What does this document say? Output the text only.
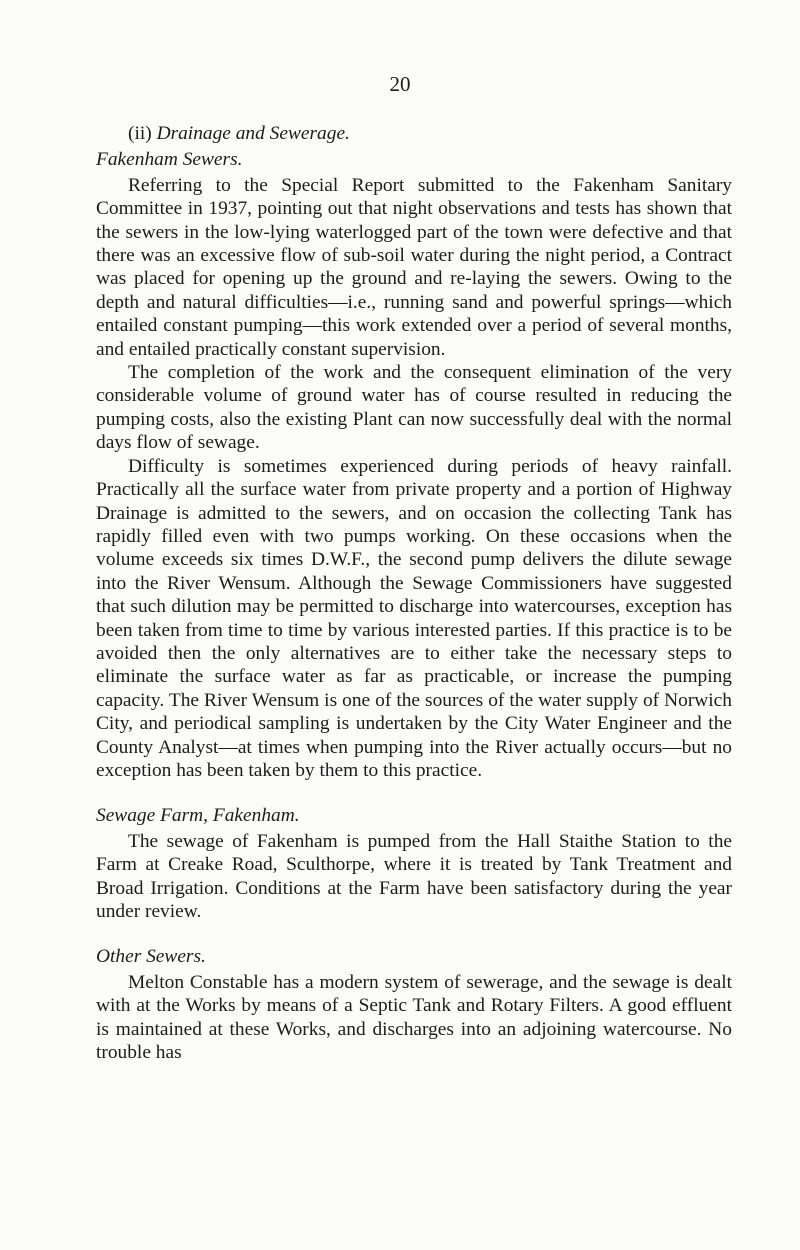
20
(ii) Drainage and Sewerage.
Fakenham Sewers.

Referring to the Special Report submitted to the Fakenham Sanitary Committee in 1937, pointing out that night observations and tests has shown that the sewers in the low-lying waterlogged part of the town were defective and that there was an excessive flow of sub-soil water during the night period, a Contract was placed for opening up the ground and re-laying the sewers. Owing to the depth and natural difficulties—i.e., running sand and powerful springs—which entailed constant pumping—this work extended over a period of several months, and entailed practically constant supervision.

The completion of the work and the consequent elimination of the very considerable volume of ground water has of course resulted in reducing the pumping costs, also the existing Plant can now successfully deal with the normal days flow of sewage.

Difficulty is sometimes experienced during periods of heavy rainfall. Practically all the surface water from private property and a portion of Highway Drainage is admitted to the sewers, and on occasion the collecting Tank has rapidly filled even with two pumps working. On these occasions when the volume exceeds six times D.W.F., the second pump delivers the dilute sewage into the River Wensum. Although the Sewage Commissioners have suggested that such dilution may be permitted to discharge into watercourses, exception has been taken from time to time by various interested parties. If this practice is to be avoided then the only alternatives are to either take the necessary steps to eliminate the surface water as far as practicable, or increase the pumping capacity. The River Wensum is one of the sources of the water supply of Norwich City, and periodical sampling is undertaken by the City Water Engineer and the County Analyst—at times when pumping into the River actually occurs—but no exception has been taken by them to this practice.

Sewage Farm, Fakenham.

The sewage of Fakenham is pumped from the Hall Staithe Station to the Farm at Creake Road, Sculthorpe, where it is treated by Tank Treatment and Broad Irrigation. Conditions at the Farm have been satisfactory during the year under review.

Other Sewers.

Melton Constable has a modern system of sewerage, and the sewage is dealt with at the Works by means of a Septic Tank and Rotary Filters. A good effluent is maintained at these Works, and discharges into an adjoining watercourse. No trouble has
